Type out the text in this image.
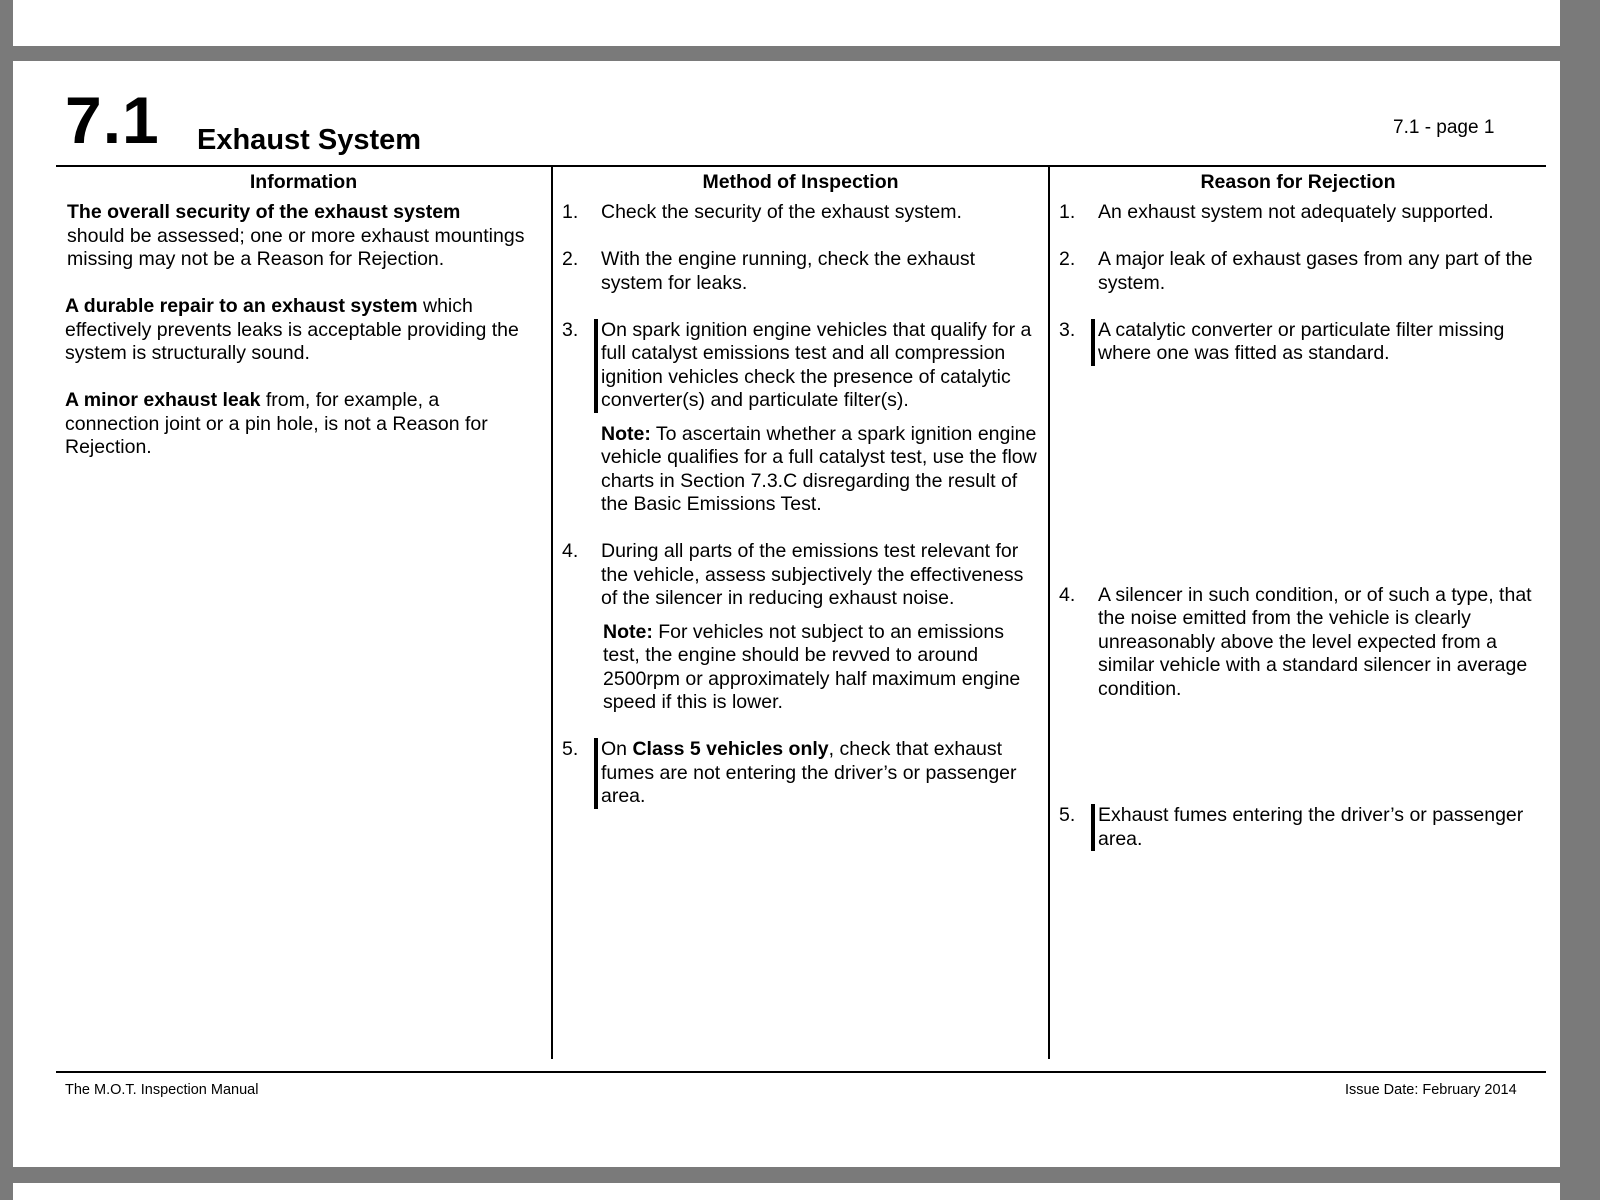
7.1 Exhaust System	7.1 - page 1
Information	Method of Inspection	Reason for Rejection

The overall security of the exhaust system
should be assessed; one or more exhaust mountings missing may not be a Reason for Rejection.

A durable repair to an exhaust system which effectively prevents leaks is acceptable providing the system is structurally sound.

A minor exhaust leak from, for example, a connection joint or a pin hole, is not a Reason for Rejection.

1. Check the security of the exhaust system.
2. With the engine running, check the exhaust system for leaks.
3.	On spark ignition engine vehicles that qualify for a full catalyst emissions test and all compression ignition vehicles check the presence of catalytic converter(s) and particulate filter(s).
Note: To ascertain whether a spark ignition engine vehicle qualifies for a full catalyst test, use the flow charts in Section 7.3.C disregarding the result of the Basic Emissions Test.
4. During all parts of the emissions test relevant for the vehicle, assess subjectively the effectiveness of the silencer in reducing exhaust noise.
Note: For vehicles not subject to an emissions test, the engine should be revved to around 2500rpm or approximately half maximum engine speed if this is lower.
5.	On Class 5 vehicles only, check that exhaust fumes are not entering the driver’s or passenger area.
1. An exhaust system not adequately supported.
2. A major leak of exhaust gases from any part of the system.
3.	A catalytic converter or particulate filter missing where one was fitted as standard.
4. A silencer in such condition, or of such a type, that the noise emitted from the vehicle is clearly unreasonably above the level expected from a similar vehicle with a standard silencer in average condition.
5.	Exhaust fumes entering the driver’s or passenger area.
The M.O.T. Inspection Manual	Issue Date: February 2014
